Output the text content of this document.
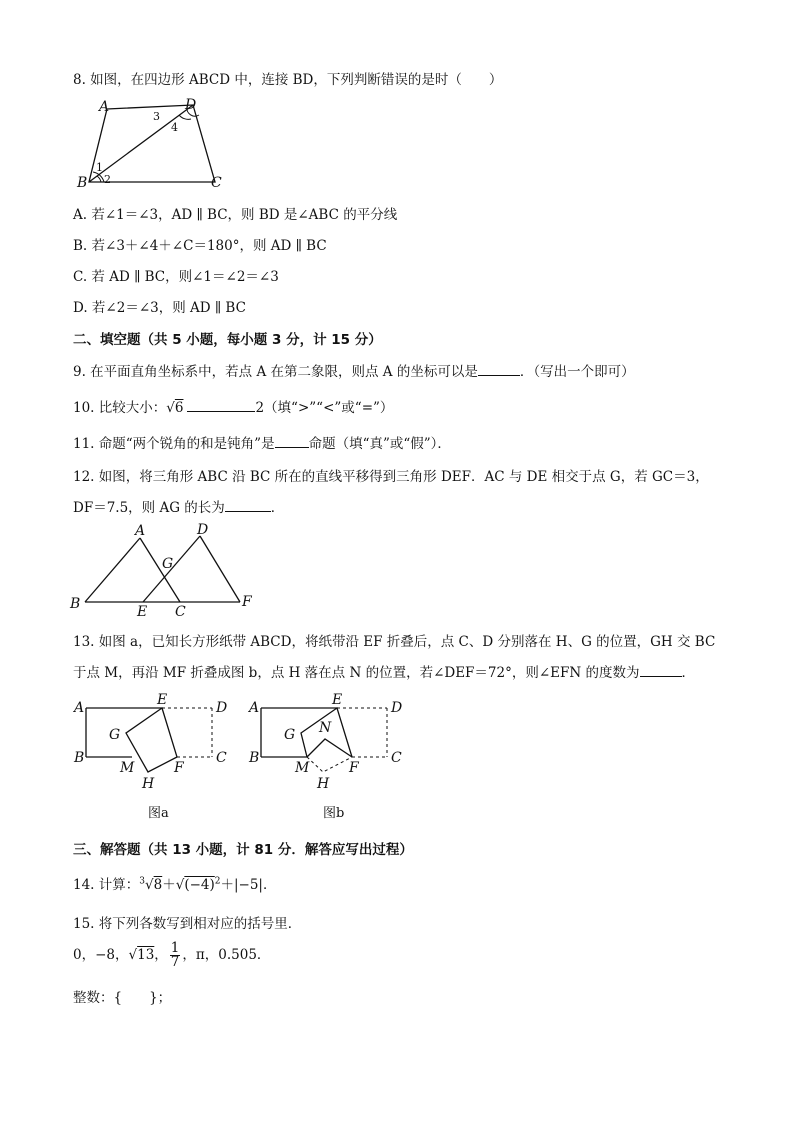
8. 如图，在四边形 ABCD 中，连接 BD，下列判断错误的是时（　　）
A	D
B	C
1
2
3
4
A. 若∠1＝∠3，AD ∥ BC，则 BD 是∠ABC 的平分线
B. 若∠3＋∠4＋∠C＝180°，则 AD ∥ BC
C. 若 AD ∥ BC，则∠1＝∠2＝∠3
D. 若∠2＝∠3，则 AD ∥ BC
二、填空题（共 5 小题，每小题 3 分，计 15 分）
9. 在平面直角坐标系中，若点 A 在第二象限，则点 A 的坐标可以是	．（写出一个即可）
10. 比较大小：√6	2（填“>”“<”或“=”）
11. 命题“两个锐角的和是钝角”是	命题（填“真”或“假”）．
12. 如图，将三角形 ABC 沿 BC 所在的直线平移得到三角形 DEF．AC 与 DE 相交于点 G，若 GC＝3，
DF＝7.5，则 AG 的长为	．
A	D
G
B	E C
F
13. 如图 a，已知长方形纸带 ABCD，将纸带沿 EF 折叠后，点 C、D 分别落在 H、G 的位置，GH 交 BC
于点 M，再沿 MF 折叠成图 b，点 H 落在点 N 的位置，若∠DEF＝72°，则∠EFN 的度数为	．
A	E	D
G
B
M	F
C
H
图a
A	E	D
G N
B
M	F
C
H
图b
三、解答题（共 13 小题，计 81 分．解答应写出过程）
14. 计算：$^3√8+√(-4)^2+|-5|$．
15. 将下列各数写到相对应的括号里．
0，−8，√13， $\frac{1}{7}$ ，π，0.505．
整数：{　　}；
